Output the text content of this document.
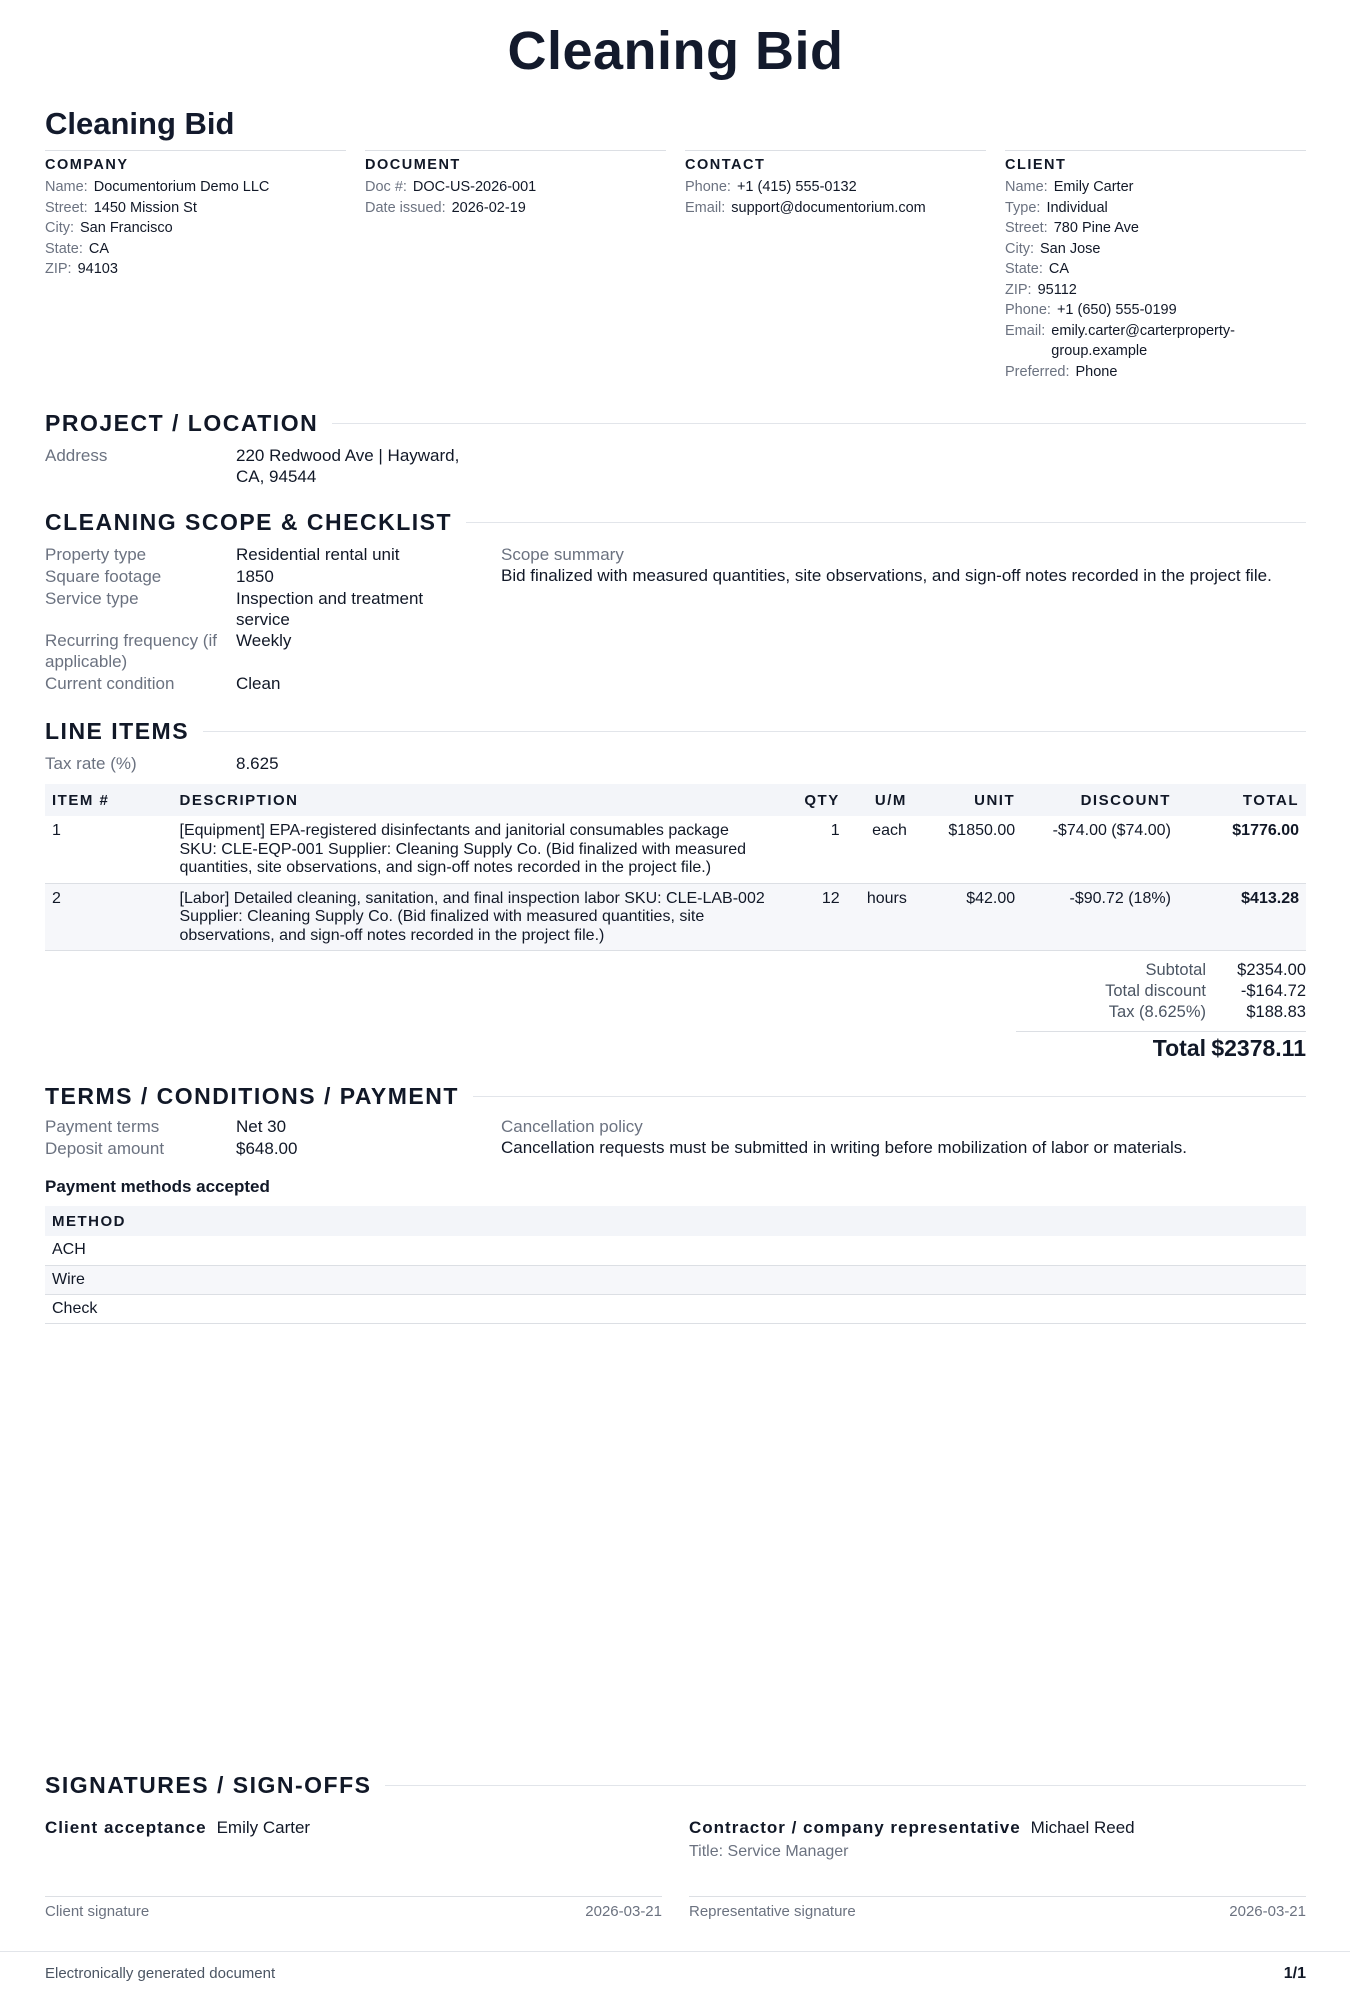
Cleaning Bid
Cleaning Bid
COMPANY
Name: Documentorium Demo LLC
Street: 1450 Mission St
City: San Francisco
State: CA
ZIP: 94103
DOCUMENT
Doc #: DOC-US-2026-001
Date issued: 2026-02-19
CONTACT
Phone: +1 (415) 555-0132
Email: support@documentorium.com
CLIENT
Name: Emily Carter
Type: Individual
Street: 780 Pine Ave
City: San Jose
State: CA
ZIP: 95112
Phone: +1 (650) 555-0199
Email: emily.carter@carterproperty-group.example
Preferred: Phone
PROJECT / LOCATION
Address	220 Redwood Ave | Hayward, CA, 94544
CLEANING SCOPE & CHECKLIST
Property type	Residential rental unit
Square footage	1850
Service type	Inspection and treatment service
Recurring frequency (if applicable)
Weekly
Current condition	Clean
Scope summary
Bid finalized with measured quantities, site observations, and sign-off notes recorded in the project file.
LINE ITEMS
Tax rate (%)	8.625
ITEM #	DESCRIPTION	QTY	U/M	UNIT	DISCOUNT	TOTAL
1	[Equipment] EPA-registered disinfectants and janitorial consumables package SKU: CLE-EQP-001 Supplier: Cleaning Supply Co. (Bid finalized with measured quantities, site observations, and sign-off notes recorded in the project file.)	1	each	$1850.00	-$74.00 ($74.00)	$1776.00
2	[Labor] Detailed cleaning, sanitation, and final inspection labor SKU: CLE-LAB-002 Supplier: Cleaning Supply Co. (Bid finalized with measured quantities, site observations, and sign-off notes recorded in the project file.)	12	hours	$42.00	-$90.72 (18%)	$413.28
Subtotal $2354.00
Total discount -$164.72
Tax (8.625%) $188.83
Total $2378.11
TERMS / CONDITIONS / PAYMENT
Payment terms	Net 30
Deposit amount	$648.00
Cancellation policy
Cancellation requests must be submitted in writing before mobilization of labor or materials.
Payment methods accepted
METHOD
ACH
Wire
Check
SIGNATURES / SIGN-OFFS
Client acceptance Emily Carter
Client signature	2026-03-21
Contractor / company representative Michael Reed
Title: Service Manager
Representative signature	2026-03-21
Electronically generated document	1/1
